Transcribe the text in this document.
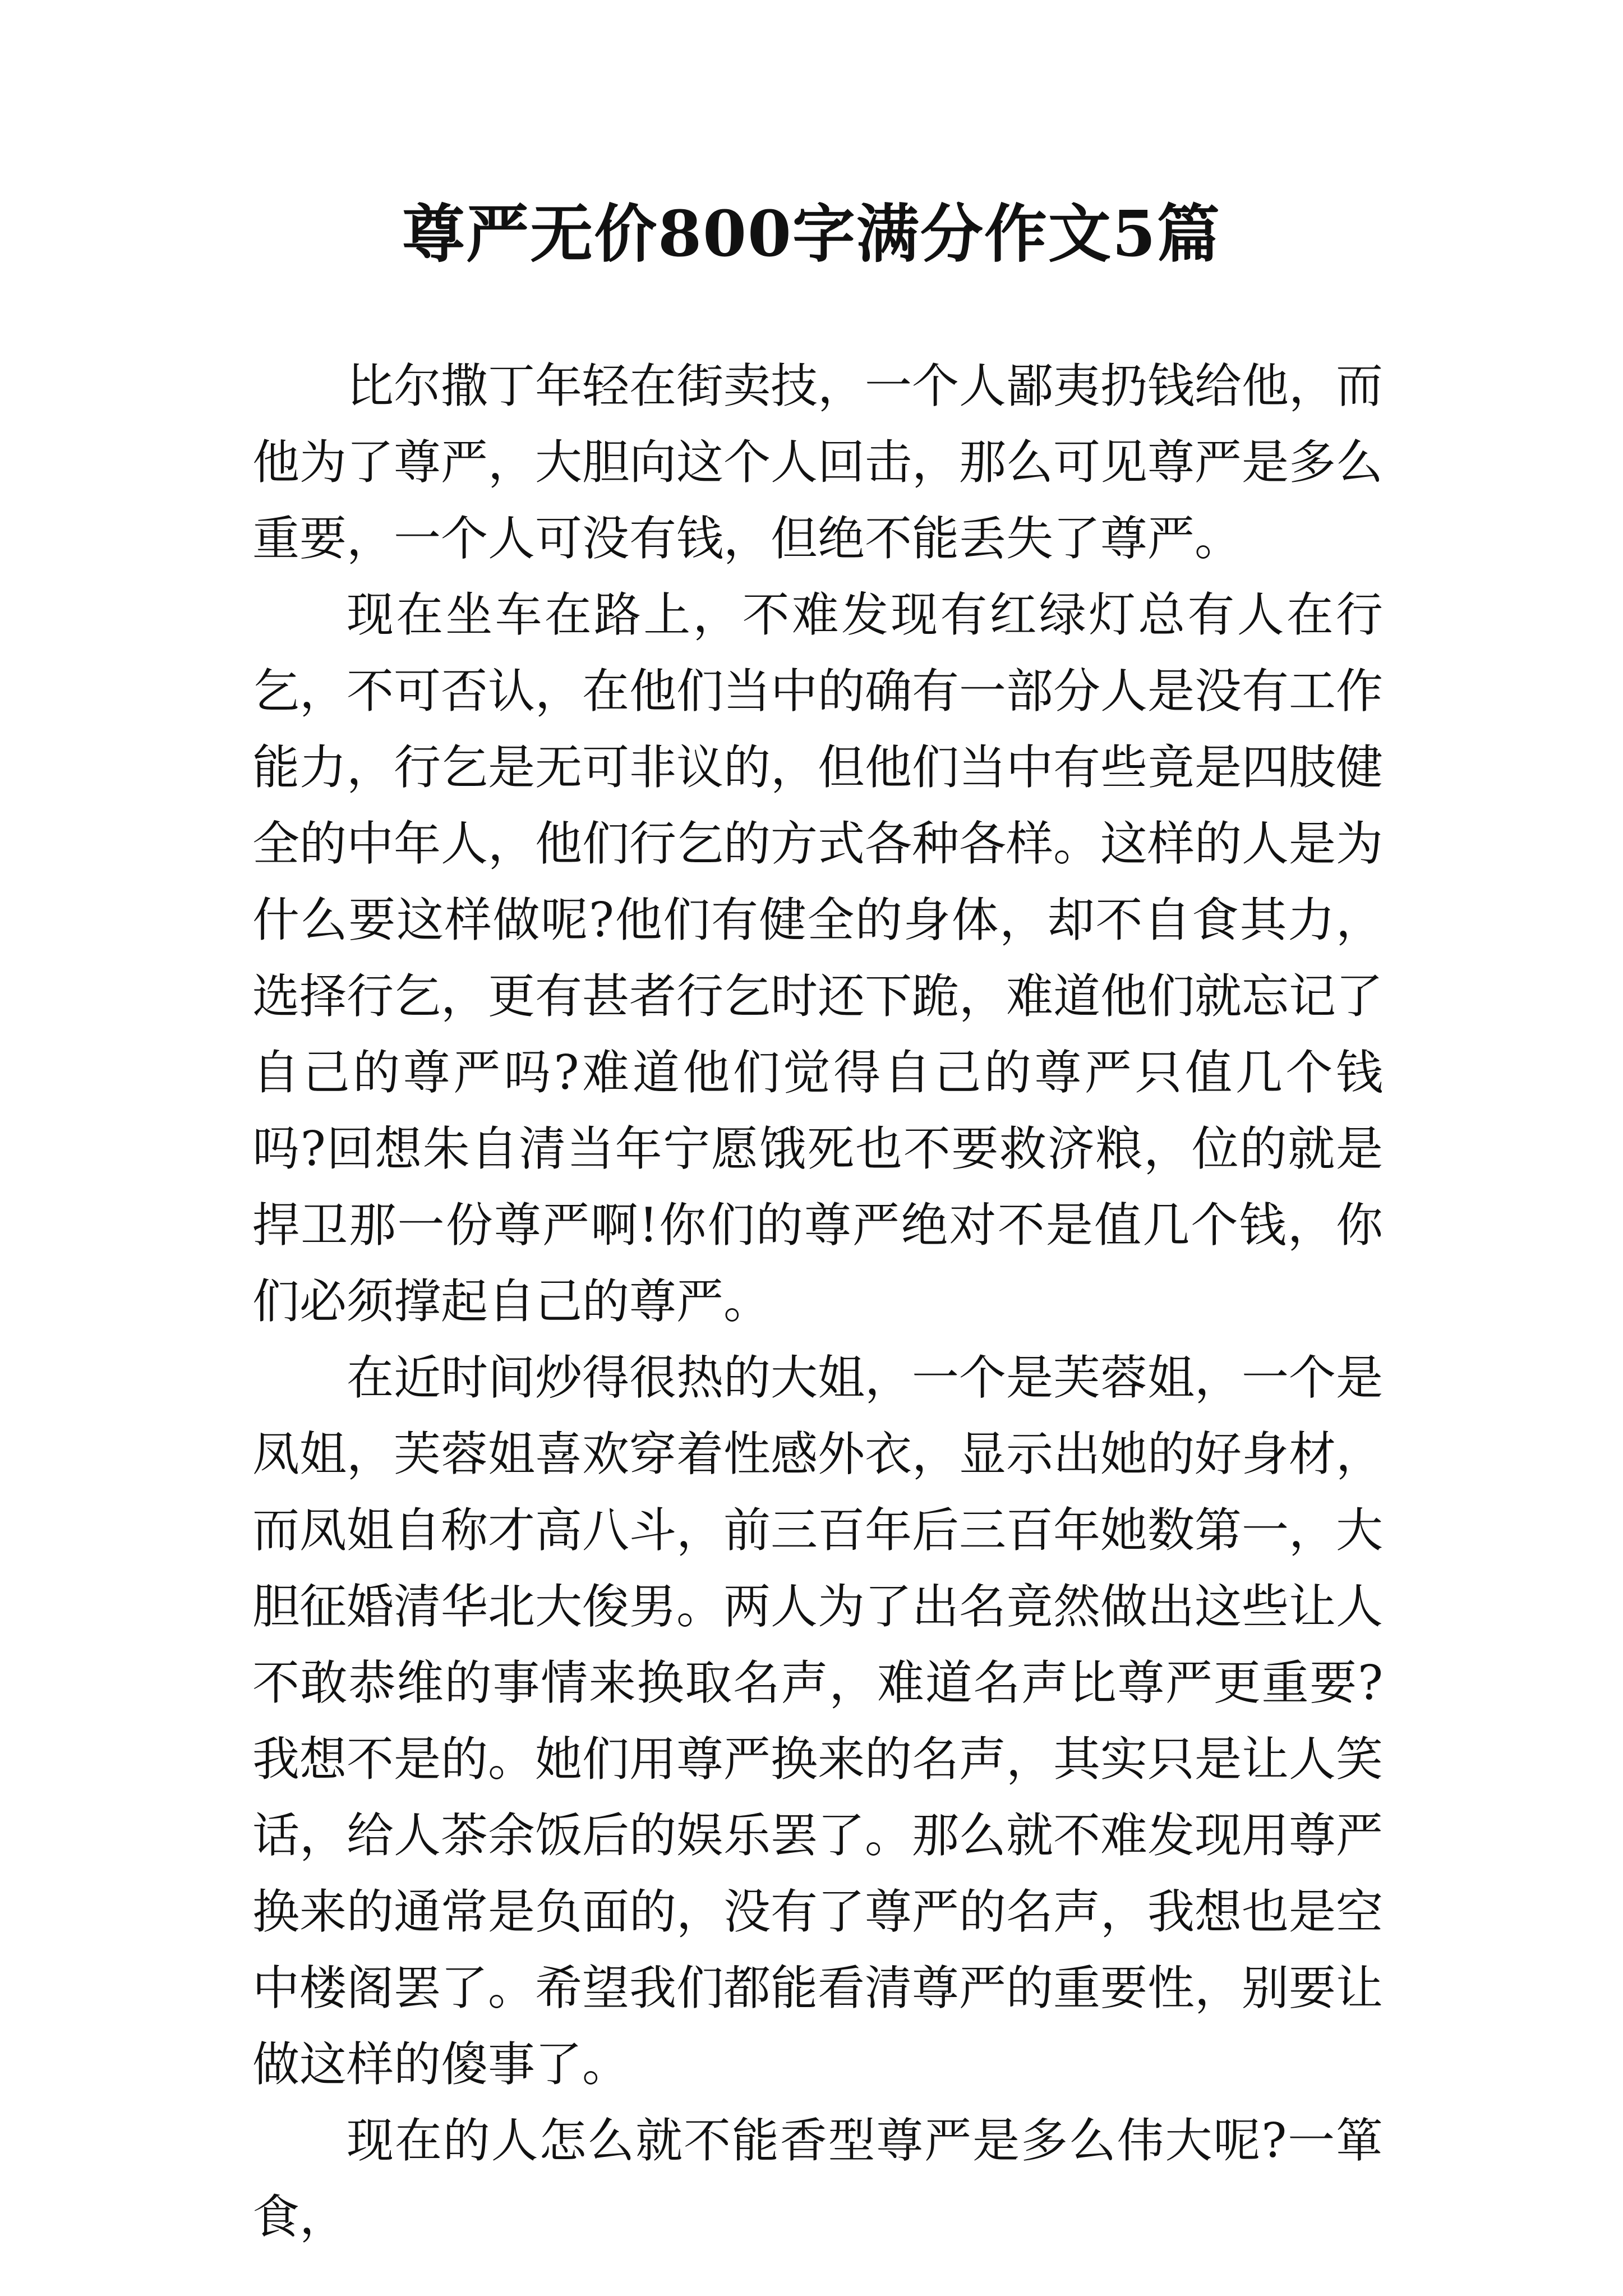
尊严无价800字满分作文5篇

比尔撒丁年轻在街卖技，一个人鄙夷扔钱给他，而他为了尊严，大胆向这个人回击，那么可见尊严是多么重要，一个人可没有钱，但绝不能丢失了尊严。

现在坐车在路上，不难发现有红绿灯总有人在行乞，不可否认，在他们当中的确有一部分人是没有工作能力，行乞是无可非议的，但他们当中有些竟是四肢健全的中年人，他们行乞的方式各种各样。这样的人是为什么要这样做呢?他们有健全的身体，却不自食其力，选择行乞，更有甚者行乞时还下跪，难道他们就忘记了自己的尊严吗?难道他们觉得自己的尊严只值几个钱吗?回想朱自清当年宁愿饿死也不要救济粮，位的就是捍卫那一份尊严啊!你们的尊严绝对不是值几个钱，你们必须撑起自己的尊严。

在近时间炒得很热的大姐，一个是芙蓉姐，一个是凤姐，芙蓉姐喜欢穿着性感外衣，显示出她的好身材，而凤姐自称才高八斗，前三百年后三百年她数第一，大胆征婚清华北大俊男。两人为了出名竟然做出这些让人不敢恭维的事情来换取名声，难道名声比尊严更重要?我想不是的。她们用尊严换来的名声，其实只是让人笑话，给人茶余饭后的娱乐罢了。那么就不难发现用尊严换来的通常是负面的，没有了尊严的名声，我想也是空中楼阁罢了。希望我们都能看清尊严的重要性，别要让做这样的傻事了。

现在的人怎么就不能香型尊严是多么伟大呢?一箪食，
